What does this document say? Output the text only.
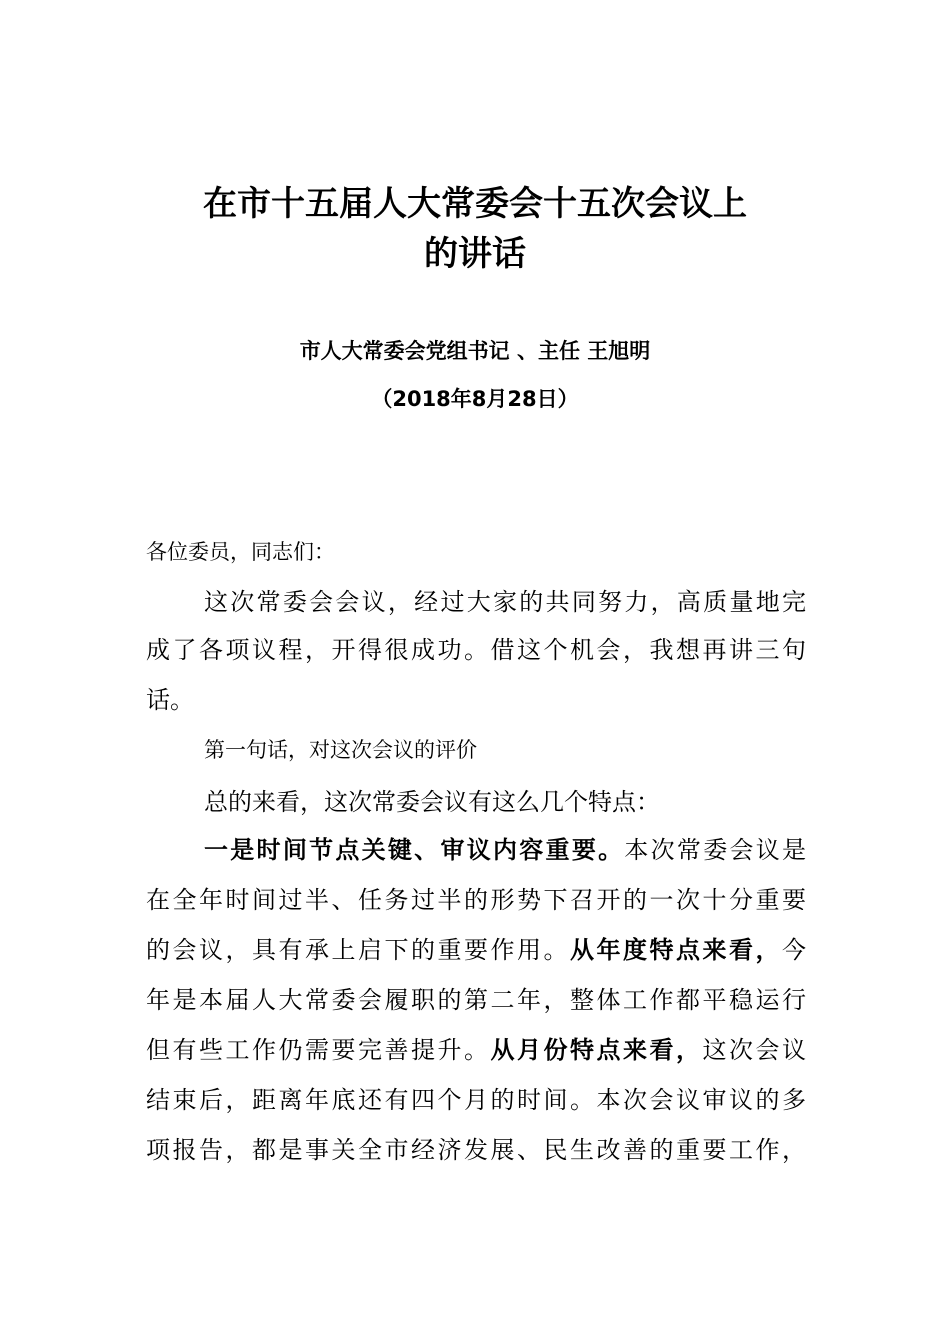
在市十五届人大常委会十五次会议上
的讲话
市人大常委会党组书记 、主任 王旭明
（2018年8月28日）
各位委员，同志们：
这次常委会会议，经过大家的共同努力，高质量地完
成了各项议程，开得很成功。借这个机会，我想再讲三句
话。
第一句话，对这次会议的评价
总的来看，这次常委会议有这么几个特点：
一是时间节点关键、审议内容重要。本次常委会议是
在全年时间过半、任务过半的形势下召开的一次十分重要
的会议，具有承上启下的重要作用。从年度特点来看，今
年是本届人大常委会履职的第二年，整体工作都平稳运行
但有些工作仍需要完善提升。从月份特点来看，这次会议
结束后，距离年底还有四个月的时间。本次会议审议的多
项报告，都是事关全市经济发展、民生改善的重要工作，
